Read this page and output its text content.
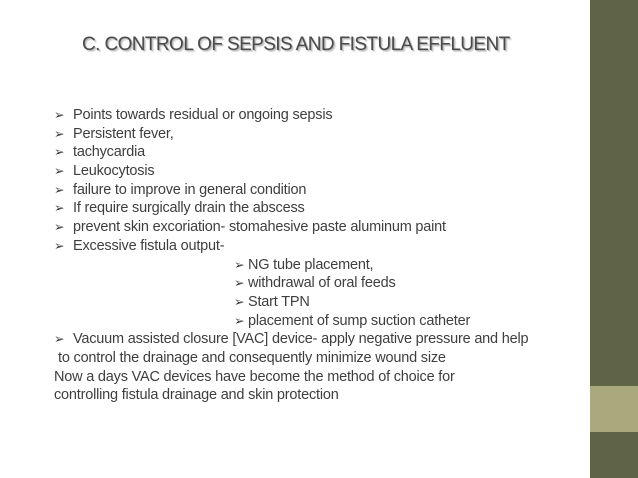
C. CONTROL OF SEPSIS AND FISTULA EFFLUENT
➢ Points towards residual or ongoing sepsis
➢ Persistent fever,
➢ tachycardia
➢ Leukocytosis
➢ failure to improve in general condition
➢ If require surgically drain the abscess
➢ prevent skin excoriation- stomahesive paste aluminum paint
➢ Excessive fistula output-
➢ NG tube placement,
➢ withdrawal of oral feeds
➢ Start TPN
➢ placement of sump suction catheter
➢ Vacuum assisted closure [VAC] device- apply negative pressure and help
to control the drainage and consequently minimize wound size
Now a days VAC devices have become the method of choice for
controlling fistula drainage and skin protection
